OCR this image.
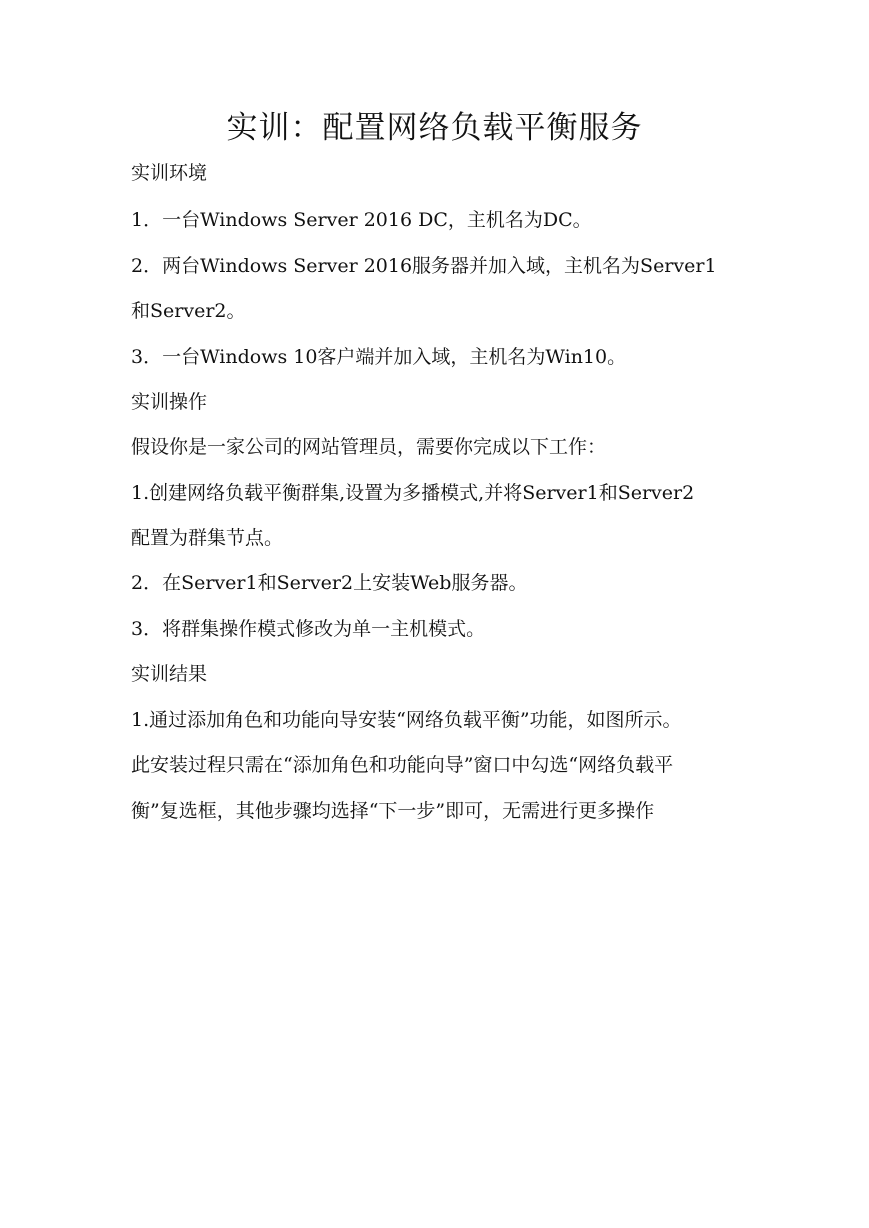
实训：配置网络负载平衡服务

实训环境

1．一台Windows Server 2016 DC，主机名为DC。

2．两台Windows Server 2016服务器并加入域，主机名为Server1

和Server2。

3．一台Windows 10客户端并加入域，主机名为Win10。

实训操作

假设你是一家公司的网站管理员，需要你完成以下工作：

1.创建网络负载平衡群集,设置为多播模式,并将Server1和Server2

配置为群集节点。

2．在Server1和Server2上安装Web服务器。

3．将群集操作模式修改为单一主机模式。

实训结果

1.通过添加角色和功能向导安装“网络负载平衡”功能，如图所示。

此安装过程只需在“添加角色和功能向导”窗口中勾选“网络负载平

衡”复选框，其他步骤均选择“下一步”即可，无需进行更多操作
